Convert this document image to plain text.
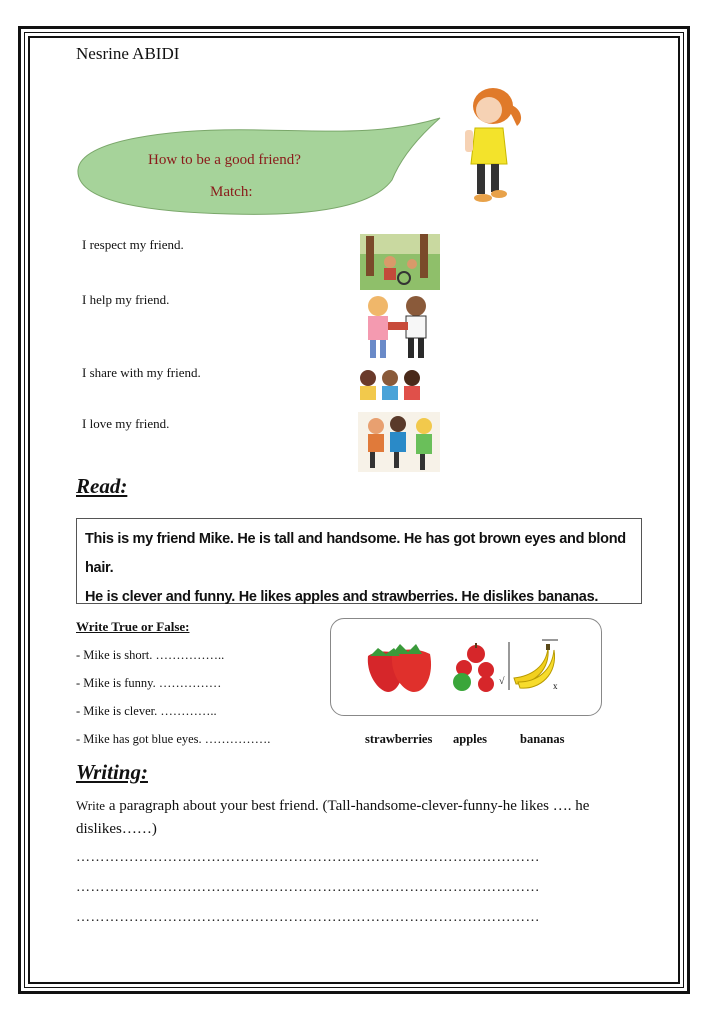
Nesrine ABIDI
How to be a good friend?
Match:
I respect my friend.
I help my friend.
I share with my friend.
I love my friend.
Read:
This is my friend Mike. He is tall and handsome. He has got brown eyes and blond hair.
He is clever and funny. He likes apples and strawberries. He dislikes bananas.
Write True or False:
- Mike is short. ……………..
- Mike is funny. ……………
- Mike is clever. …………..
- Mike has got blue eyes. …………….
√	x
strawberries apples	bananas
Writing:
Write a paragraph about your best friend. (Tall-handsome-clever-funny-he likes …. he dislikes……)
……………………………………………………………………………………
……………………………………………………………………………………
……………………………………………………………………………………
